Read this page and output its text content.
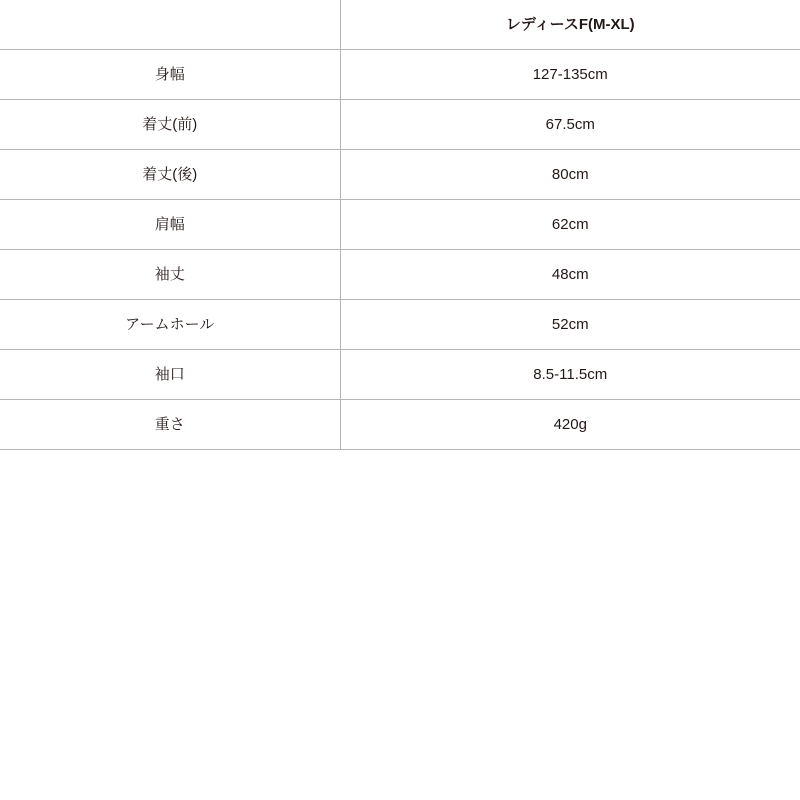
	レディースF(M-XL)
身幅	127-135cm
着丈(前)	67.5cm
着丈(後)	80cm
肩幅	62cm
袖丈	48cm
アームホール	52cm
袖口	8.5-11.5cm
重さ	420g
